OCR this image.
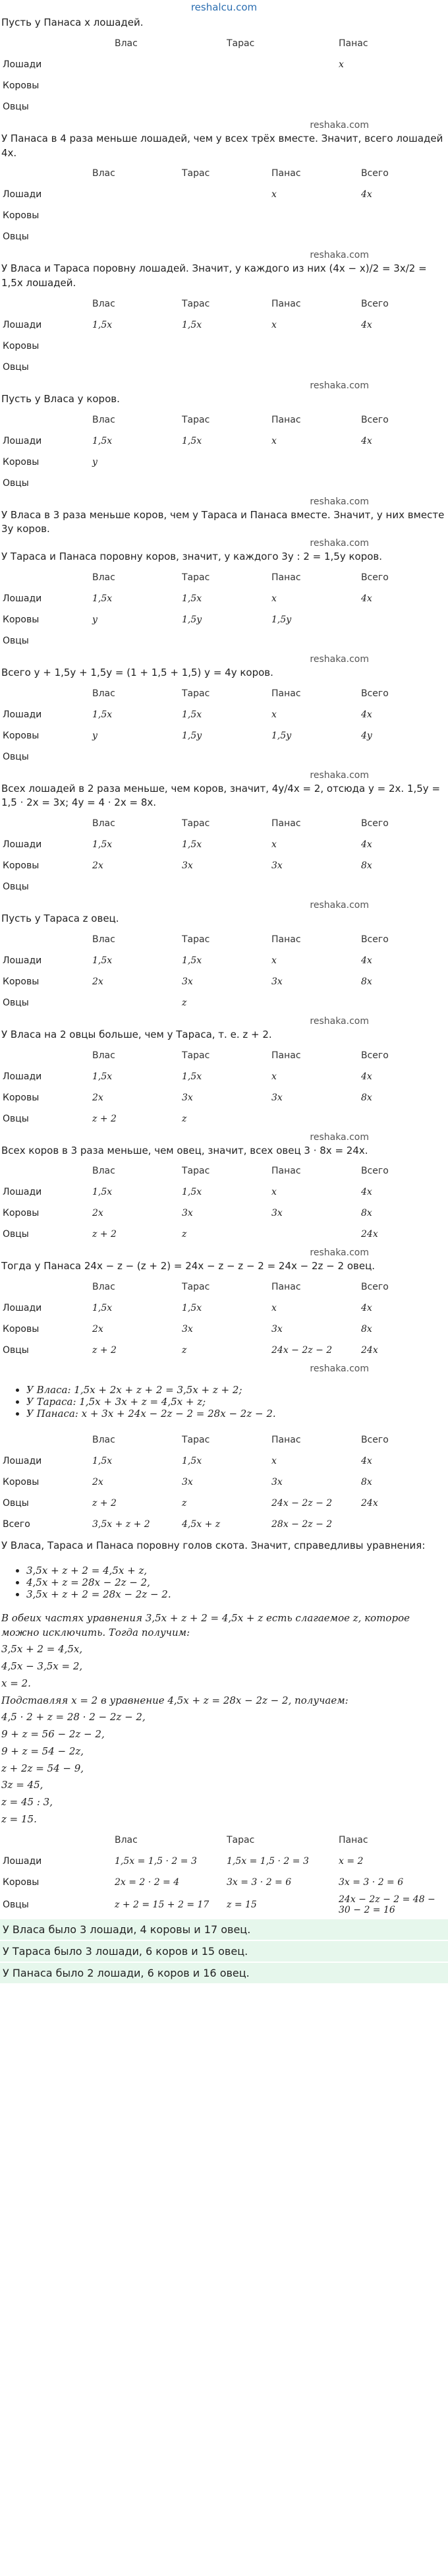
reshalcu.com
Пусть у Панаса x лошадей.
	Влас	Тарас	Панас
Лошади			x
Коровы			
Овцы			
reshaka.com
У Панаса в 4 раза меньше лошадей, чем у всех трёх вместе. Значит, всего лошадей 4x.
	Влас	Тарас	Панас	Всего
Лошади			x	4x
Коровы				
Овцы				
reshaka.com
У Власа и Тараса поровну лошадей. Значит, у каждого из них (4x − x)/2 = 3x/2 = 1,5x лошадей.
	Влас	Тарас	Панас	Всего
Лошади	1,5x	1,5x	x	4x
Коровы				
Овцы				
reshaka.com
Пусть у Власа y коров.
	Влас	Тарас	Панас	Всего
Лошади	1,5x	1,5x	x	4x
Коровы	y			
Овцы				
reshaka.com
У Власа в 3 раза меньше коров, чем у Тараса и Панаса вместе. Значит, у них вместе 3y коров.
reshaka.com
У Тараса и Панаса поровну коров, значит, у каждого 3y : 2 = 1,5y коров.
	Влас	Тарас	Панас	Всего
Лошади	1,5x	1,5x	x	4x
Коровы	y	1,5y	1,5y	
Овцы				
reshaka.com
Всего y + 1,5y + 1,5y = (1 + 1,5 + 1,5) y = 4y коров.
	Влас	Тарас	Панас	Всего
Лошади	1,5x	1,5x	x	4x
Коровы	y	1,5y	1,5y	4y
Овцы				
reshaka.com
Всех лошадей в 2 раза меньше, чем коров, значит, 4y/4x = 2, отсюда y = 2x. 1,5y = 1,5 · 2x = 3x; 4y = 4 · 2x = 8x.
	Влас	Тарас	Панас	Всего
Лошади	1,5x	1,5x	x	4x
Коровы	2x	3x	3x	8x
Овцы				
reshaka.com
Пусть у Тараса z овец.
	Влас	Тарас	Панас	Всего
Лошади	1,5x	1,5x	x	4x
Коровы	2x	3x	3x	8x
Овцы		z		
reshaka.com
У Власа на 2 овцы больше, чем у Тараса, т. е. z + 2.
	Влас	Тарас	Панас	Всего
Лошади	1,5x	1,5x	x	4x
Коровы	2x	3x	3x	8x
Овцы	z + 2	z		
reshaka.com
Всех коров в 3 раза меньше, чем овец, значит, всех овец 3 · 8x = 24x.
	Влас	Тарас	Панас	Всего
Лошади	1,5x	1,5x	x	4x
Коровы	2x	3x	3x	8x
Овцы	z + 2	z		24x
reshaka.com
Тогда у Панаса 24x − z − (z + 2) = 24x − z − z − 2 = 24x − 2z − 2 овец.
	Влас	Тарас	Панас	Всего
Лошади	1,5x	1,5x	x	4x
Коровы	2x	3x	3x	8x
Овцы	z + 2	z	24x − 2z − 2	24x
reshaka.com
• У Власа: 1,5x + 2x + z + 2 = 3,5x + z + 2;
• У Тараса: 1,5x + 3x + z = 4,5x + z;
• У Панаса: x + 3x + 24x − 2z − 2 = 28x − 2z − 2.
	Влас	Тарас	Панас	Всего
Лошади	1,5x	1,5x	x	4x
Коровы	2x	3x	3x	8x
Овцы	z + 2	z	24x − 2z − 2	24x
Всего	3,5x + z + 2	4,5x + z	28x − 2z − 2	
У Власа, Тараса и Панаса поровну голов скота. Значит, справедливы уравнения:
• 3,5x + z + 2 = 4,5x + z,
• 4,5x + z = 28x − 2z − 2,
• 3,5x + z + 2 = 28x − 2z − 2.
В обеих частях уравнения 3,5x + z + 2 = 4,5x + z есть слагаемое z, которое можно исключить. Тогда получим:
3,5x + 2 = 4,5x,
4,5x − 3,5x = 2,
x = 2.
Подставляя x = 2 в уравнение 4,5x + z = 28x − 2z − 2, получаем:
4,5 · 2 + z = 28 · 2 − 2z − 2,
9 + z = 56 − 2z − 2,
9 + z = 54 − 2z,
z + 2z = 54 − 9,
3z = 45,
z = 45 : 3,
z = 15.
	Влас	Тарас	Панас
Лошади	1,5x = 1,5 · 2 = 3	1,5x = 1,5 · 2 = 3	x = 2
Коровы	2x = 2 · 2 = 4	3x = 3 · 2 = 6	3x = 3 · 2 = 6
Овцы	z + 2 = 15 + 2 = 17	z = 15	24x − 2z − 2 = 48 − 30 − 2 = 16
У Власа было 3 лошади, 4 коровы и 17 овец.
У Тараса было 3 лошади, 6 коров и 15 овец.
У Панаса было 2 лошади, 6 коров и 16 овец.
